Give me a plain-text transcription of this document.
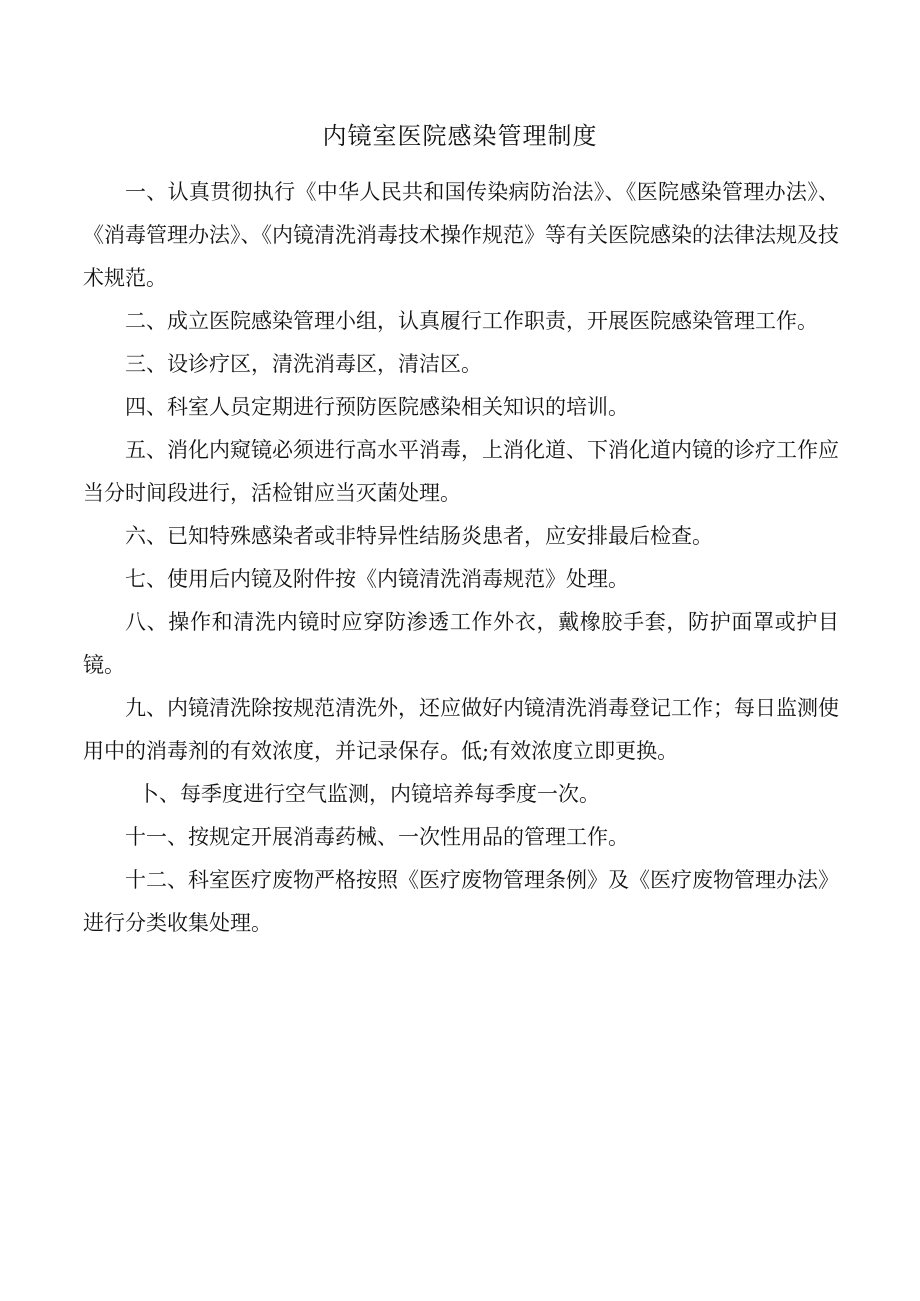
内镜室医院感染管理制度

一、认真贯彻执行《中华人民共和国传染病防治法》、《医院感染管理办法》、《消毒管理办法》、《内镜清洗消毒技术操作规范》等有关医院感染的法律法规及技术规范。

二、成立医院感染管理小组，认真履行工作职责，开展医院感染管理工作。

三、设诊疗区，清洗消毒区，清洁区。

四、科室人员定期进行预防医院感染相关知识的培训。

五、消化内窥镜必须进行高水平消毒，上消化道、下消化道内镜的诊疗工作应当分时间段进行，活检钳应当灭菌处理。

六、已知特殊感染者或非特异性结肠炎患者，应安排最后检查。

七、使用后内镜及附件按《内镜清洗消毒规范》处理。

八、操作和清洗内镜时应穿防渗透工作外衣，戴橡胶手套，防护面罩或护目镜。

九、内镜清洗除按规范清洗外，还应做好内镜清洗消毒登记工作；每日监测使用中的消毒剂的有效浓度，并记录保存。低;有效浓度立即更换。

卜、每季度进行空气监测，内镜培养每季度一次。

十一、按规定开展消毒药械、一次性用品的管理工作。

十二、科室医疗废物严格按照《医疗废物管理条例》及《医疗废物管理办法》进行分类收集处理。
